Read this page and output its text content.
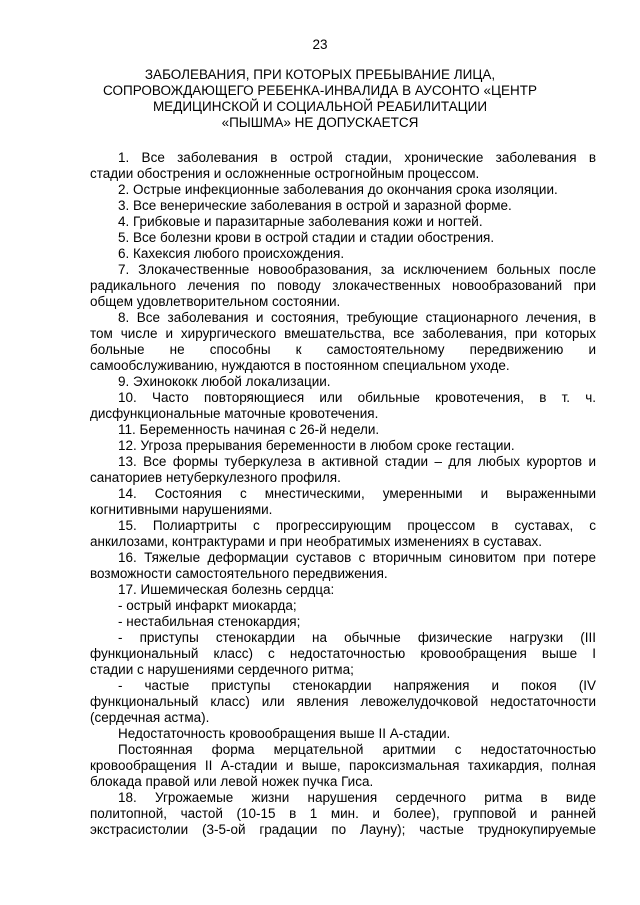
23
ЗАБОЛЕВАНИЯ, ПРИ КОТОРЫХ ПРЕБЫВАНИЕ ЛИЦА,
СОПРОВОЖДАЮЩЕГО РЕБЕНКА-ИНВАЛИДА В АУСОНТО «ЦЕНТР
МЕДИЦИНСКОЙ И СОЦИАЛЬНОЙ РЕАБИЛИТАЦИИ
«ПЫШМА» НЕ ДОПУСКАЕТСЯ
1. Все заболевания в острой стадии, хронические заболевания в
стадии обострения и осложненные острогнойным процессом.
2. Острые инфекционные заболевания до окончания срока изоляции.
3. Все венерические заболевания в острой и заразной форме.
4. Грибковые и паразитарные заболевания кожи и ногтей.
5. Все болезни крови в острой стадии и стадии обострения.
6. Кахексия любого происхождения.
7. Злокачественные новообразования, за исключением больных после
радикального лечения по поводу злокачественных новообразований при
общем удовлетворительном состоянии.
8. Все заболевания и состояния, требующие стационарного лечения, в
том числе и хирургического вмешательства, все заболевания, при которых
больные не способны к самостоятельному передвижению и
самообслуживанию, нуждаются в постоянном специальном уходе.
9. Эхинококк любой локализации.
10. Часто повторяющиеся или обильные кровотечения, в т. ч.
дисфункциональные маточные кровотечения.
11. Беременность начиная с 26-й недели.
12. Угроза прерывания беременности в любом сроке гестации.
13. Все формы туберкулеза в активной стадии – для любых курортов и
санаториев нетуберкулезного профиля.
14. Состояния с мнестическими, умеренными и выраженными
когнитивными нарушениями.
15. Полиартриты с прогрессирующим процессом в суставах, с
анкилозами, контрактурами и при необратимых изменениях в суставах.
16. Тяжелые деформации суставов с вторичным синовитом при потере
возможности самостоятельного передвижения.
17. Ишемическая болезнь сердца:
- острый инфаркт миокарда;
- нестабильная стенокардия;
- приступы стенокардии на обычные физические нагрузки (III
функциональный класс) с недостаточностью кровообращения выше I
стадии с нарушениями сердечного ритма;
- частые приступы стенокардии напряжения и покоя (IV
функциональный класс) или явления левожелудочковой недостаточности
(сердечная астма).
Недостаточность кровообращения выше II А-стадии.
Постоянная форма мерцательной аритмии с недостаточностью
кровообращения II А-стадии и выше, пароксизмальная тахикардия, полная
блокада правой или левой ножек пучка Гиса.
18. Угрожаемые жизни нарушения сердечного ритма в виде
политопной, частой (10-15 в 1 мин. и более), групповой и ранней
экстрасистолии (3-5-ой градации по Лауну); частые труднокупируемые
